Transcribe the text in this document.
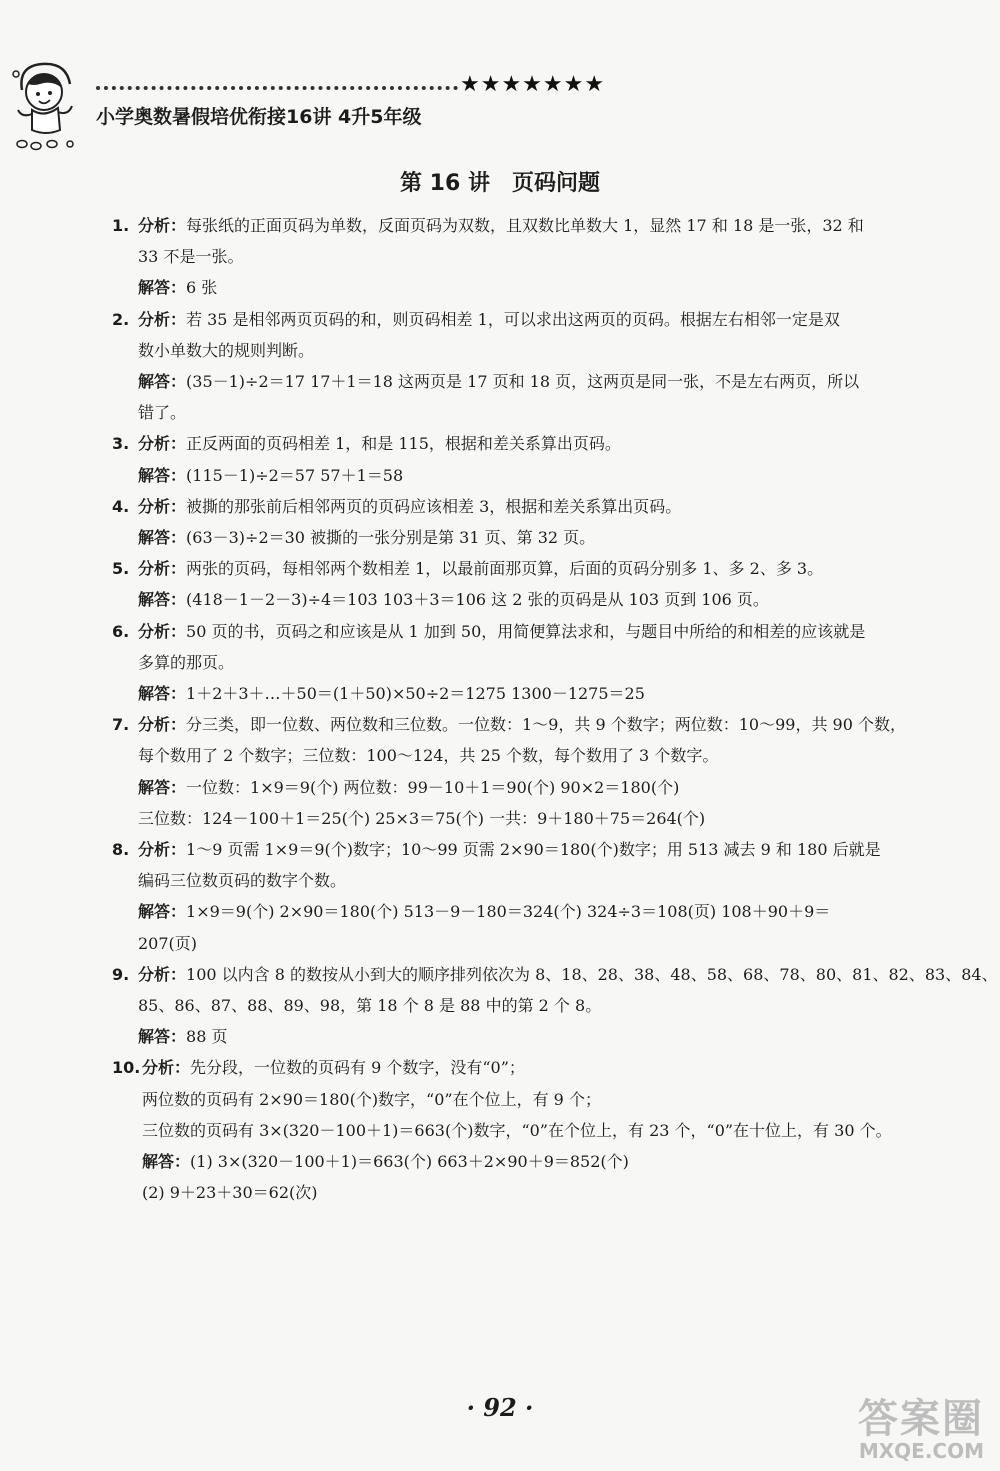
★★★★★★★
小学奥数暑假培优衔接16讲 4升5年级
第 16 讲 页码问题
1. 分析：每张纸的正面页码为单数，反面页码为双数，且双数比单数大 1，显然 17 和 18 是一张，32 和
33 不是一张。
解答：6 张
2. 分析：若 35 是相邻两页页码的和，则页码相差 1，可以求出这两页的页码。根据左右相邻一定是双
数小单数大的规则判断。
解答：(35－1)÷2＝17 17＋1＝18 这两页是 17 页和 18 页，这两页是同一张，不是左右两页，所以
错了。
3. 分析：正反两面的页码相差 1，和是 115，根据和差关系算出页码。
解答：(115－1)÷2＝57 57＋1＝58
4. 分析：被撕的那张前后相邻两页的页码应该相差 3，根据和差关系算出页码。
解答：(63－3)÷2＝30 被撕的一张分别是第 31 页、第 32 页。
5. 分析：两张的页码，每相邻两个数相差 1，以最前面那页算，后面的页码分别多 1、多 2、多 3。
解答：(418－1－2－3)÷4＝103 103＋3＝106 这 2 张的页码是从 103 页到 106 页。
6. 分析：50 页的书，页码之和应该是从 1 加到 50，用简便算法求和，与题目中所给的和相差的应该就是
多算的那页。
解答：1＋2＋3＋…＋50＝(1＋50)×50÷2＝1275 1300－1275＝25
7. 分析：分三类，即一位数、两位数和三位数。一位数：1～9，共 9 个数字；两位数：10～99，共 90 个数，
每个数用了 2 个数字；三位数：100～124，共 25 个数，每个数用了 3 个数字。
解答：一位数：1×9＝9(个) 两位数：99－10＋1＝90(个) 90×2＝180(个)
三位数：124－100＋1＝25(个) 25×3＝75(个) 一共：9＋180＋75＝264(个)
8. 分析：1～9 页需 1×9＝9(个)数字；10～99 页需 2×90＝180(个)数字；用 513 减去 9 和 180 后就是
编码三位数页码的数字个数。
解答：1×9＝9(个) 2×90＝180(个) 513－9－180＝324(个) 324÷3＝108(页) 108＋90＋9＝
207(页)
9. 分析：100 以内含 8 的数按从小到大的顺序排列依次为 8、18、28、38、48、58、68、78、80、81、82、83、84、
85、86、87、88、89、98，第 18 个 8 是 88 中的第 2 个 8。
解答：88 页
10. 分析：先分段，一位数的页码有 9 个数字，没有“0”；
两位数的页码有 2×90＝180(个)数字，“0”在个位上，有 9 个；
三位数的页码有 3×(320－100＋1)＝663(个)数字，“0”在个位上，有 23 个，“0”在十位上，有 30 个。
解答：(1) 3×(320－100＋1)＝663(个) 663＋2×90＋9＝852(个)
(2) 9＋23＋30＝62(次)
· 92 ·	答案圈
MXQE.COM
